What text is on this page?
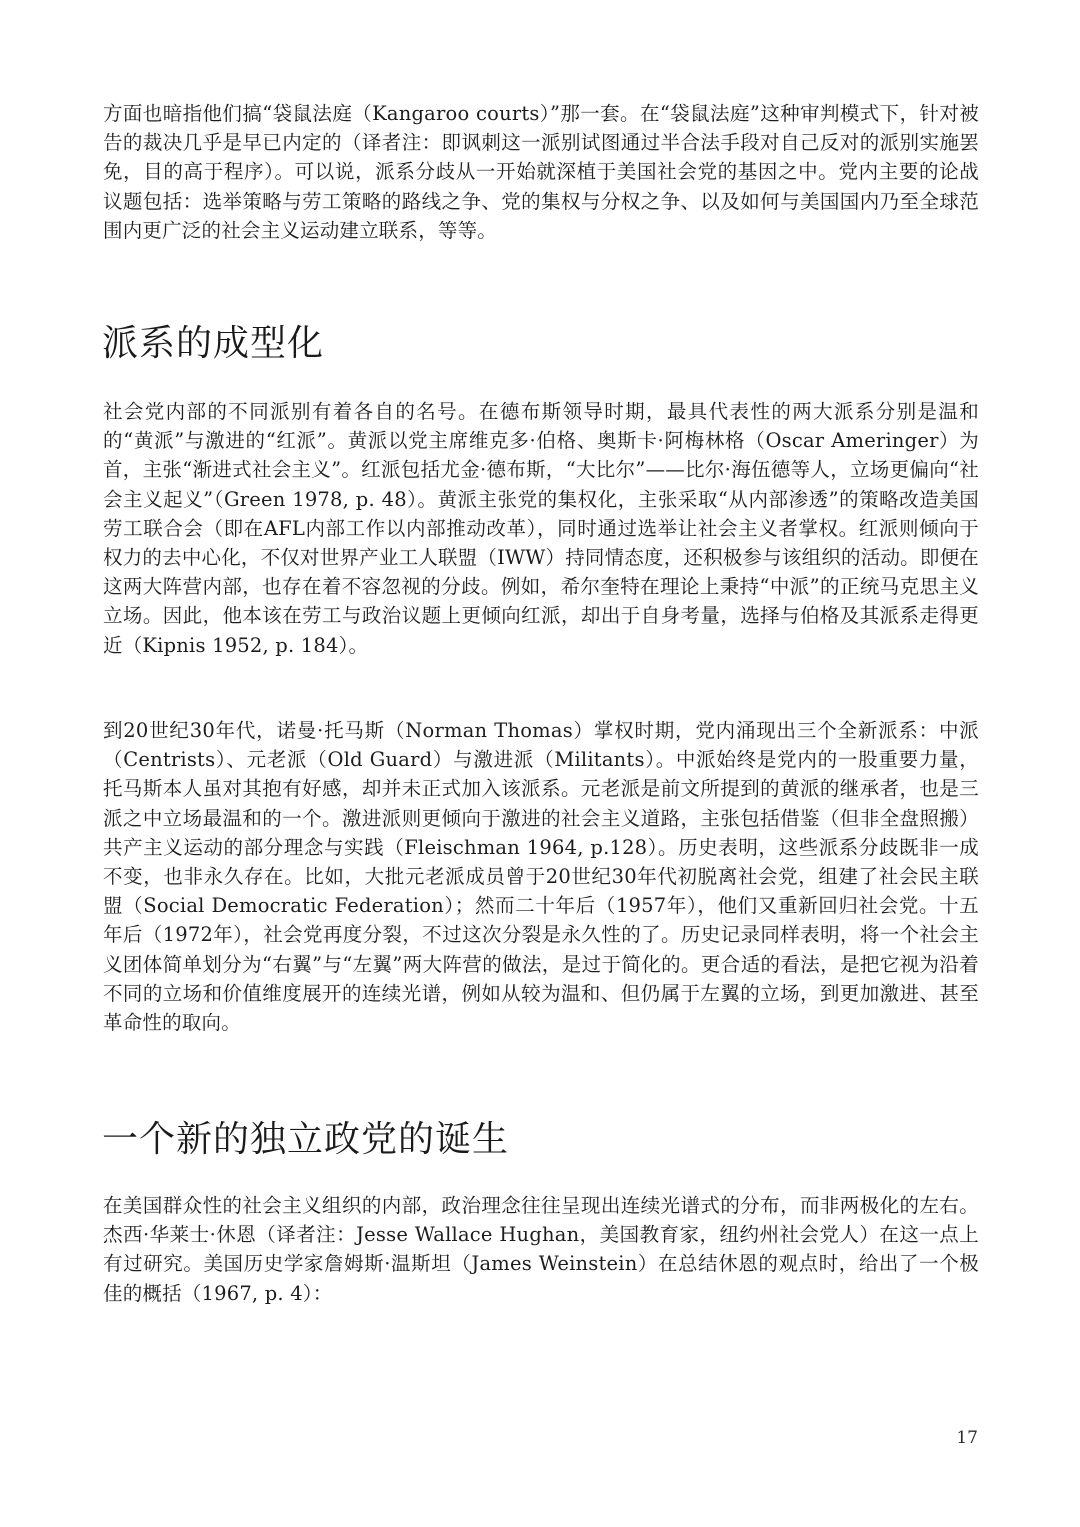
方面也暗指他们搞“袋鼠法庭（Kangaroo courts）”那一套。在“袋鼠法庭”这种审判模式下，针对被告的裁决几乎是早已内定的（译者注：即讽刺这一派别试图通过半合法手段对自己反对的派别实施罢免，目的高于程序）。可以说，派系分歧从一开始就深植于美国社会党的基因之中。党内主要的论战议题包括：选举策略与劳工策略的路线之争、党的集权与分权之争、以及如何与美国国内乃至全球范围内更广泛的社会主义运动建立联系，等等。

派系的成型化

社会党内部的不同派别有着各自的名号。在德布斯领导时期，最具代表性的两大派系分别是温和的“黄派”与激进的“红派”。黄派以党主席维克多·伯格、奥斯卡·阿梅林格（Oscar Ameringer）为首，主张“渐进式社会主义”。红派包括尤金·德布斯，“大比尔”——比尔·海伍德等人，立场更偏向“社会主义起义”（Green 1978, p. 48）。黄派主张党的集权化，主张采取“从内部渗透”的策略改造美国劳工联合会（即在AFL内部工作以内部推动改革），同时通过选举让社会主义者掌权。红派则倾向于权力的去中心化，不仅对世界产业工人联盟（IWW）持同情态度，还积极参与该组织的活动。即便在这两大阵营内部，也存在着不容忽视的分歧。例如，希尔奎特在理论上秉持“中派”的正统马克思主义立场。因此，他本该在劳工与政治议题上更倾向红派，却出于自身考量，选择与伯格及其派系走得更近（Kipnis 1952, p. 184）。

到20世纪30年代，诺曼·托马斯（Norman Thomas）掌权时期，党内涌现出三个全新派系：中派（Centrists）、元老派（Old Guard）与激进派（Militants）。中派始终是党内的一股重要力量，托马斯本人虽对其抱有好感，却并未正式加入该派系。元老派是前文所提到的黄派的继承者，也是三派之中立场最温和的一个。激进派则更倾向于激进的社会主义道路，主张包括借鉴（但非全盘照搬）共产主义运动的部分理念与实践（Fleischman 1964, p.128）。历史表明，这些派系分歧既非一成不变，也非永久存在。比如，大批元老派成员曾于20世纪30年代初脱离社会党，组建了社会民主联盟（Social Democratic Federation）；然而二十年后（1957年），他们又重新回归社会党。十五年后（1972年），社会党再度分裂，不过这次分裂是永久性的了。历史记录同样表明，将一个社会主义团体简单划分为“右翼”与“左翼”两大阵营的做法，是过于简化的。更合适的看法，是把它视为沿着不同的立场和价值维度展开的连续光谱，例如从较为温和、但仍属于左翼的立场，到更加激进、甚至革命性的取向。

一个新的独立政党的诞生

在美国群众性的社会主义组织的内部，政治理念往往呈现出连续光谱式的分布，而非两极化的左右。杰西·华莱士·休恩（译者注：Jesse Wallace Hughan，美国教育家，纽约州社会党人）在这一点上有过研究。美国历史学家詹姆斯·温斯坦（James Weinstein）在总结休恩的观点时，给出了一个极佳的概括（1967, p. 4）：

17
